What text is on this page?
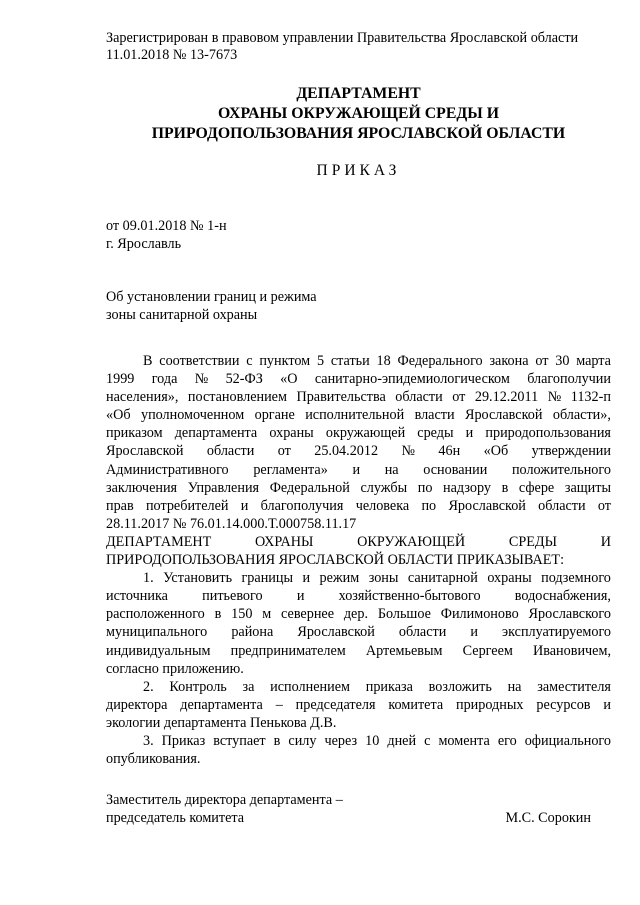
Зарегистрирован в правовом управлении Правительства Ярославской области
11.01.2018 № 13-7673
ДЕПАРТАМЕНТ
ОХРАНЫ ОКРУЖАЮЩЕЙ СРЕДЫ И
ПРИРОДОПОЛЬЗОВАНИЯ ЯРОСЛАВСКОЙ ОБЛАСТИ
ПРИКАЗ
от 09.01.2018 № 1-н
г. Ярославль
Об установлении границ и режима
зоны санитарной охраны
В соответствии с пунктом 5 статьи 18 Федерального закона от 30 марта
1999 года № 52-ФЗ «О санитарно-эпидемиологическом благополучии
населения», постановлением Правительства области от 29.12.2011 № 1132-п
«Об уполномоченном органе исполнительной власти Ярославской области»,
приказом департамента охраны окружающей среды и природопользования
Ярославской области от 25.04.2012 № 46н «Об утверждении
Административного регламента» и на основании положительного
заключения Управления Федеральной службы по надзору в сфере защиты
прав потребителей и благополучия человека по Ярославской области от
28.11.2017 № 76.01.14.000.Т.000758.11.17
ДЕПАРТАМЕНТ	ОХРАНЫ	ОКРУЖАЮЩЕЙ	СРЕДЫ	И
ПРИРОДОПОЛЬЗОВАНИЯ ЯРОСЛАВСКОЙ ОБЛАСТИ ПРИКАЗЫВАЕТ:
1. Установить границы и режим зоны санитарной охраны подземного
источника питьевого и хозяйственно-бытового водоснабжения,
расположенного в 150 м севернее дер. Большое Филимоново Ярославского
муниципального района Ярославской области и эксплуатируемого
индивидуальным предпринимателем Артемьевым Сергеем Ивановичем,
согласно приложению.
2. Контроль за исполнением приказа возложить на заместителя
директора департамента – председателя комитета природных ресурсов и
экологии департамента Пенькова Д.В.
3. Приказ вступает в силу через 10 дней с момента его официального
опубликования.
Заместитель директора департамента –
председатель комитета	М.С. Сорокин
